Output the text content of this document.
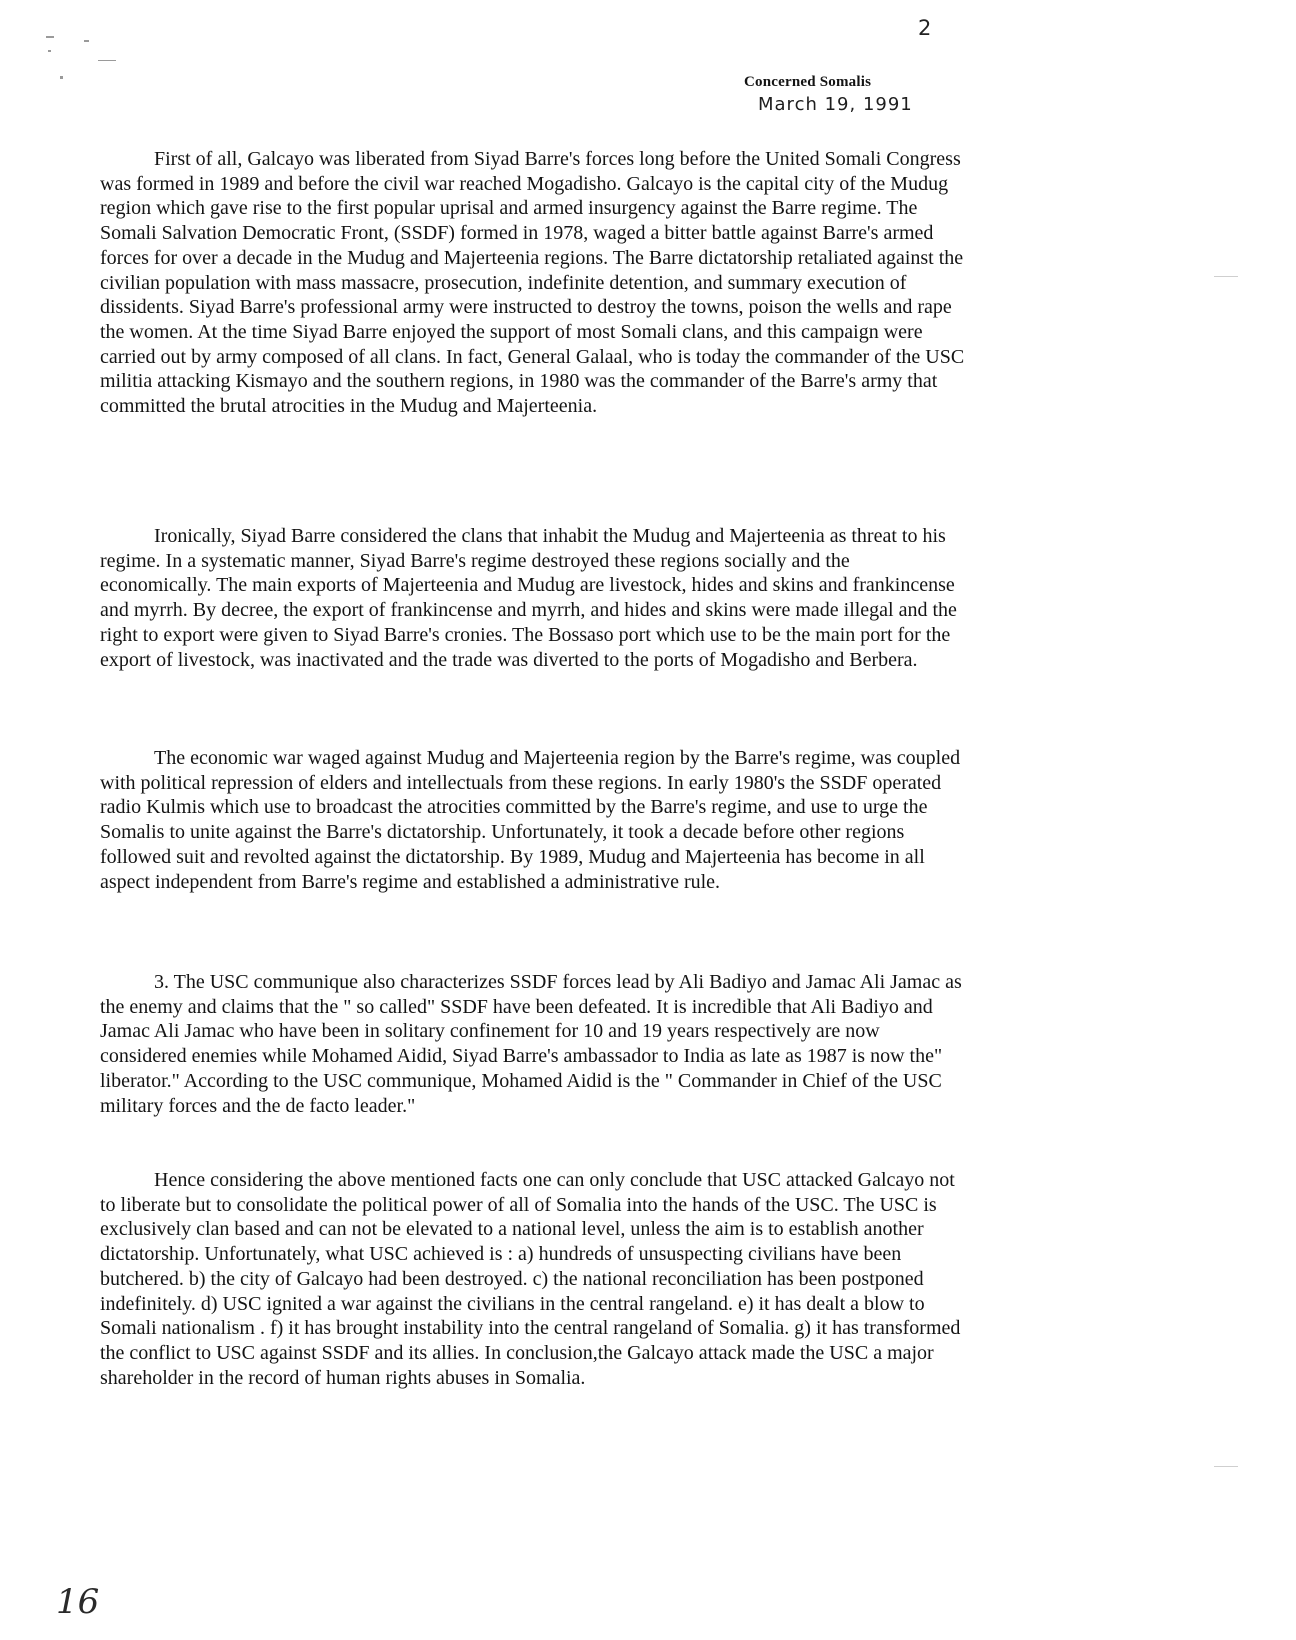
2
Concerned Somalis
March 19, 1991

First of all, Galcayo was liberated from Siyad Barre's forces long before the United Somali Congress was formed in 1989 and before the civil war reached Mogadisho. Galcayo is the capital city of the Mudug region which gave rise to the first popular uprisal and armed insurgency against the Barre regime. The Somali Salvation Democratic Front, (SSDF) formed in 1978, waged a bitter battle against Barre's armed forces for over a decade in the Mudug and Majerteenia regions. The Barre dictatorship retaliated against the civilian population with mass massacre, prosecution, indefinite detention, and summary execution of dissidents. Siyad Barre's professional army were instructed to destroy the towns, poison the wells and rape the women. At the time Siyad Barre enjoyed the support of most Somali clans, and this campaign were carried out by army composed of all clans. In fact, General Galaal, who is today the commander of the USC militia attacking Kismayo and the southern regions, in 1980 was the commander of the Barre's army that committed the brutal atrocities in the Mudug and Majerteenia.

Ironically, Siyad Barre considered the clans that inhabit the Mudug and Majerteenia as threat to his regime. In a systematic manner, Siyad Barre's regime destroyed these regions socially and the economically. The main exports of Majerteenia and Mudug are livestock, hides and skins and frankincense and myrrh. By decree, the export of frankincense and myrrh, and hides and skins were made illegal and the right to export were given to Siyad Barre's cronies. The Bossaso port which use to be the main port for the export of livestock, was inactivated and the trade was diverted to the ports of Mogadisho and Berbera.

The economic war waged against Mudug and Majerteenia region by the Barre's regime, was coupled with political repression of elders and intellectuals from these regions. In early 1980's the SSDF operated radio Kulmis which use to broadcast the atrocities committed by the Barre's regime, and use to urge the Somalis to unite against the Barre's dictatorship. Unfortunately, it took a decade before other regions followed suit and revolted against the dictatorship. By 1989, Mudug and Majerteenia has become in all aspect independent from Barre's regime and established a administrative rule.

3. The USC communique also characterizes SSDF forces lead by Ali Badiyo and Jamac Ali Jamac as the enemy and claims that the " so called" SSDF have been defeated. It is incredible that Ali Badiyo and Jamac Ali Jamac who have been in solitary confinement for 10 and 19 years respectively are now considered enemies while Mohamed Aidid, Siyad Barre's ambassador to India as late as 1987 is now the" liberator." According to the USC communique, Mohamed Aidid is the " Commander in Chief of the USC military forces and the de facto leader."

Hence considering the above mentioned facts one can only conclude that USC attacked Galcayo not to liberate but to consolidate the political power of all of Somalia into the hands of the USC. The USC is exclusively clan based and can not be elevated to a national level, unless the aim is to establish another dictatorship. Unfortunately, what USC achieved is : a) hundreds of unsuspecting civilians have been butchered. b) the city of Galcayo had been destroyed. c) the national reconciliation has been postponed indefinitely. d) USC ignited a war against the civilians in the central rangeland. e) it has dealt a blow to Somali nationalism . f) it has brought instability into the central rangeland of Somalia. g) it has transformed the conflict to USC against SSDF and its allies. In conclusion,the Galcayo attack made the USC a major shareholder in the record of human rights abuses in Somalia.

16
